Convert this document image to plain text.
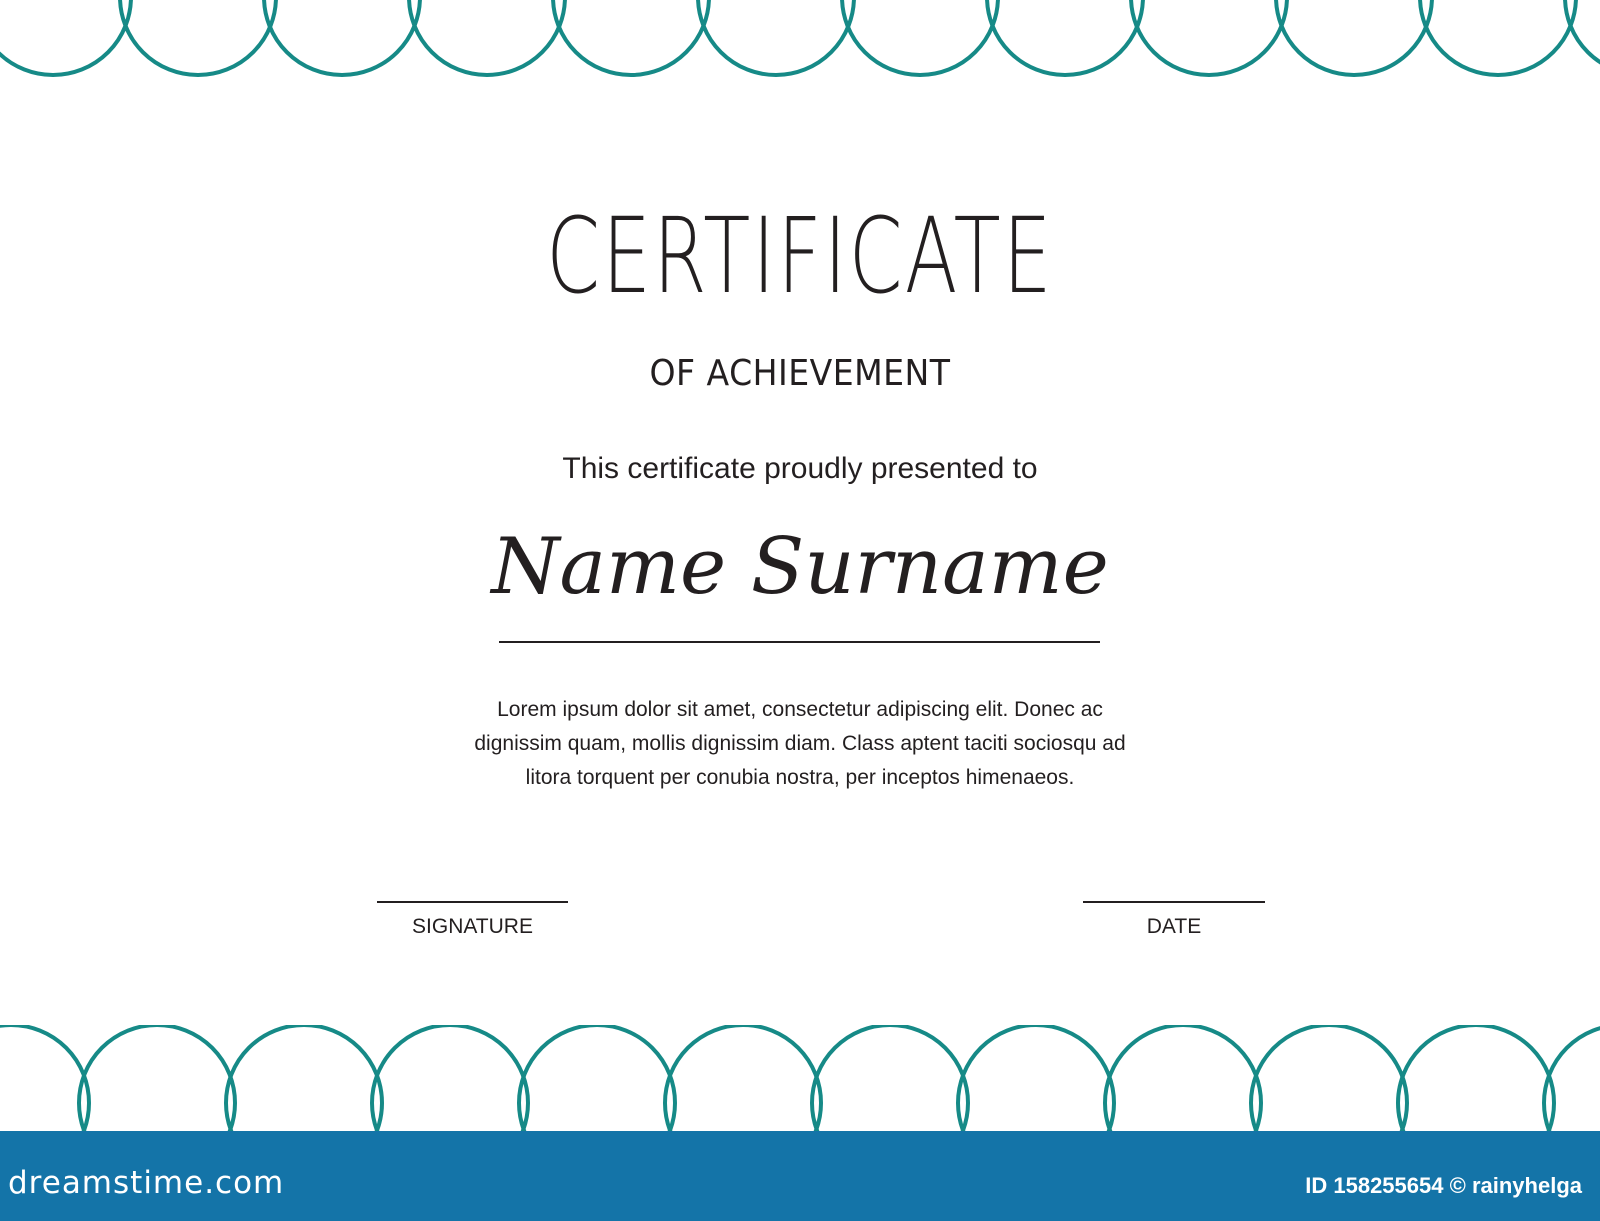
CERTIFICATE
OF ACHIEVEMENT
This certificate proudly presented to
Name Surname
Lorem ipsum dolor sit amet, consectetur adipiscing elit. Donec ac
dignissim quam, mollis dignissim diam. Class aptent taciti sociosqu ad
litora torquent per conubia nostra, per inceptos himenaeos.
SIGNATURE	DATE
dreamstime.com	ID 158255654 © rainyhelga
